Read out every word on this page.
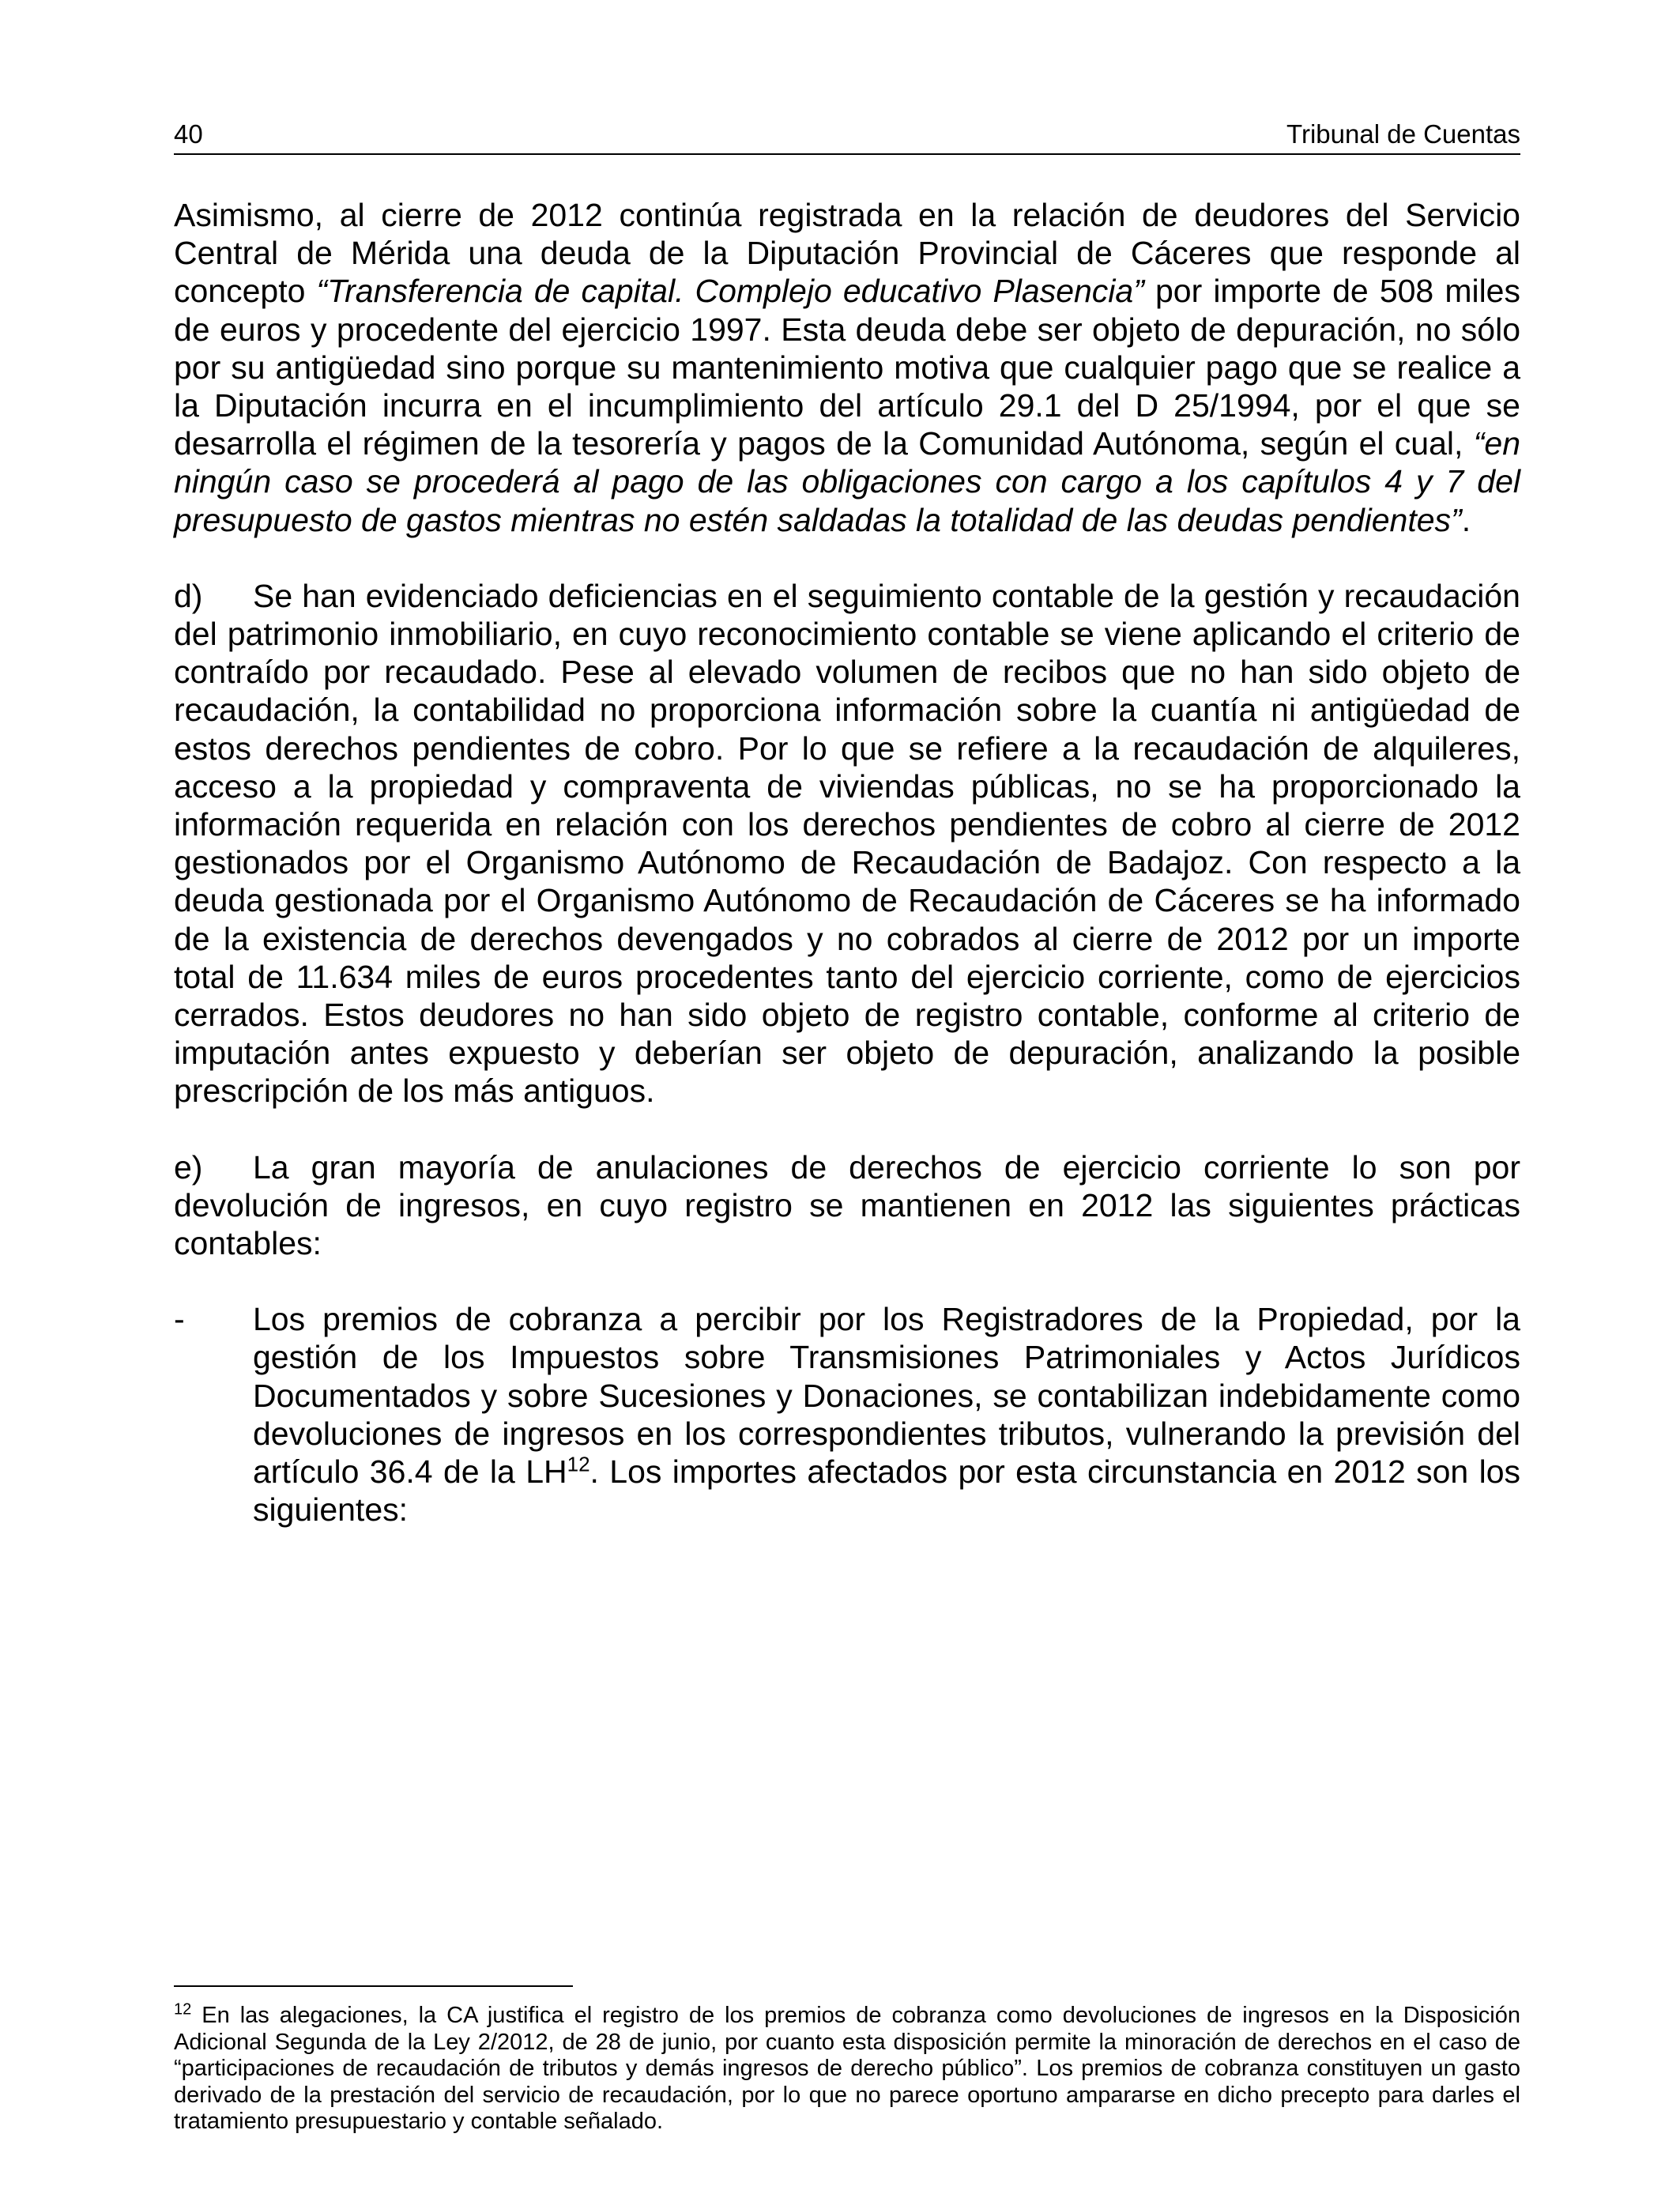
40	Tribunal de Cuentas

Asimismo, al cierre de 2012 continúa registrada en la relación de deudores del Servicio Central de Mérida una deuda de la Diputación Provincial de Cáceres que responde al concepto “Transferencia de capital. Complejo educativo Plasencia” por importe de 508 miles de euros y procedente del ejercicio 1997. Esta deuda debe ser objeto de depuración, no sólo por su antigüedad sino porque su mantenimiento motiva que cualquier pago que se realice a la Diputación incurra en el incumplimiento del artículo 29.1 del D 25/1994, por el que se desarrolla el régimen de la tesorería y pagos de la Comunidad Autónoma, según el cual, “en ningún caso se procederá al pago de las obligaciones con cargo a los capítulos 4 y 7 del presupuesto de gastos mientras no estén saldadas la totalidad de las deudas pendientes”.

d) Se han evidenciado deficiencias en el seguimiento contable de la gestión y recaudación del patrimonio inmobiliario, en cuyo reconocimiento contable se viene aplicando el criterio de contraído por recaudado. Pese al elevado volumen de recibos que no han sido objeto de recaudación, la contabilidad no proporciona información sobre la cuantía ni antigüedad de estos derechos pendientes de cobro. Por lo que se refiere a la recaudación de alquileres, acceso a la propiedad y compraventa de viviendas públicas, no se ha proporcionado la información requerida en relación con los derechos pendientes de cobro al cierre de 2012 gestionados por el Organismo Autónomo de Recaudación de Badajoz. Con respecto a la deuda gestionada por el Organismo Autónomo de Recaudación de Cáceres se ha informado de la existencia de derechos devengados y no cobrados al cierre de 2012 por un importe total de 11.634 miles de euros procedentes tanto del ejercicio corriente, como de ejercicios cerrados. Estos deudores no han sido objeto de registro contable, conforme al criterio de imputación antes expuesto y deberían ser objeto de depuración, analizando la posible prescripción de los más antiguos.

e) La gran mayoría de anulaciones de derechos de ejercicio corriente lo son por devolución de ingresos, en cuyo registro se mantienen en 2012 las siguientes prácticas contables:

- Los premios de cobranza a percibir por los Registradores de la Propiedad, por la gestión de los Impuestos sobre Transmisiones Patrimoniales y Actos Jurídicos Documentados y sobre Sucesiones y Donaciones, se contabilizan indebidamente como devoluciones de ingresos en los correspondientes tributos, vulnerando la previsión del artículo 36.4 de la LH$^{12}$. Los importes afectados por esta circunstancia en 2012 son los siguientes:

$^{12}$ En las alegaciones, la CA justifica el registro de los premios de cobranza como devoluciones de ingresos en la Disposición Adicional Segunda de la Ley 2/2012, de 28 de junio, por cuanto esta disposición permite la minoración de derechos en el caso de “participaciones de recaudación de tributos y demás ingresos de derecho público”. Los premios de cobranza constituyen un gasto derivado de la prestación del servicio de recaudación, por lo que no parece oportuno ampararse en dicho precepto para darles el tratamiento presupuestario y contable señalado.
